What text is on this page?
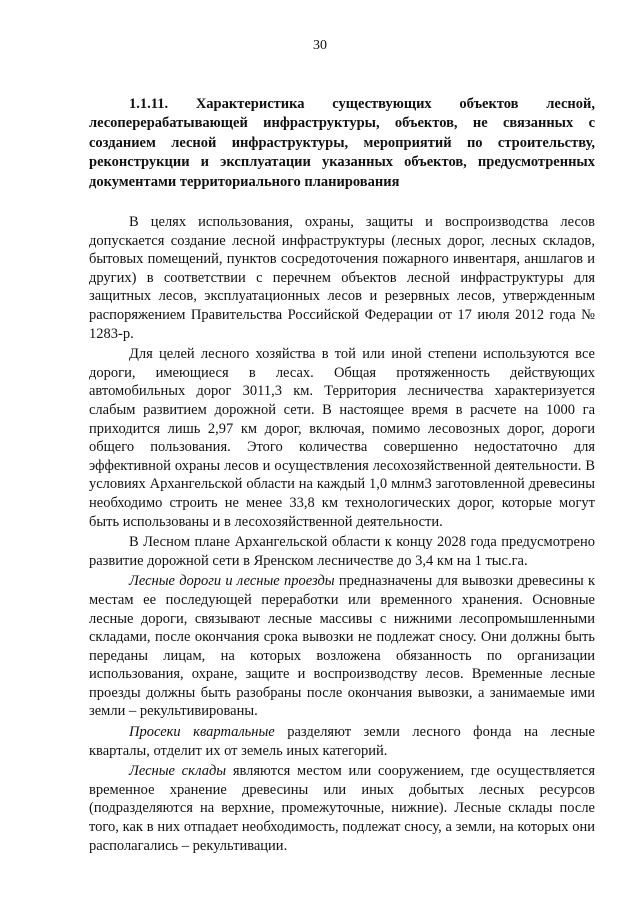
30

1.1.11. Характеристика существующих объектов лесной, лесоперерабатывающей инфраструктуры, объектов, не связанных с созданием лесной инфраструктуры, мероприятий по строительству, реконструкции и эксплуатации указанных объектов, предусмотренных документами территориального планирования

В целях использования, охраны, защиты и воспроизводства лесов допускается создание лесной инфраструктуры (лесных дорог, лесных складов, бытовых помещений, пунктов сосредоточения пожарного инвентаря, аншлагов и других) в соответствии с перечнем объектов лесной инфраструктуры для защитных лесов, эксплуатационных лесов и резервных лесов, утвержденным распоряжением Правительства Российской Федерации от 17 июля 2012 года № 1283-р.

Для целей лесного хозяйства в той или иной степени используются все дороги, имеющиеся в лесах. Общая протяженность действующих автомобильных дорог 3011,3 км. Территория лесничества характеризуется слабым развитием дорожной сети. В настоящее время в расчете на 1000 га приходится лишь 2,97 км дорог, включая, помимо лесовозных дорог, дороги общего пользования. Этого количества совершенно недостаточно для эффективной охраны лесов и осуществления лесохозяйственной деятельности. В условиях Архангельской области на каждый 1,0 млнм3 заготовленной древесины необходимо строить не менее 33,8 км технологических дорог, которые могут быть использованы и в лесохозяйственной деятельности.

В Лесном плане Архангельской области к концу 2028 года предусмотрено развитие дорожной сети в Яренском лесничестве до 3,4 км на 1 тыс.га.

Лесные дороги и лесные проезды предназначены для вывозки древесины к местам ее последующей переработки или временного хранения. Основные лесные дороги, связывают лесные массивы с нижними лесопромышленными складами, после окончания срока вывозки не подлежат сносу. Они должны быть переданы лицам, на которых возложена обязанность по организации использования, охране, защите и воспроизводству лесов. Временные лесные проезды должны быть разобраны после окончания вывозки, а занимаемые ими земли – рекультивированы.

Просеки квартальные разделяют земли лесного фонда на лесные кварталы, отделит их от земель иных категорий.

Лесные склады являются местом или сооружением, где осуществляется временное хранение древесины или иных добытых лесных ресурсов (подразделяются на верхние, промежуточные, нижние). Лесные склады после того, как в них отпадает необходимость, подлежат сносу, а земли, на которых они располагались – рекультивации.
